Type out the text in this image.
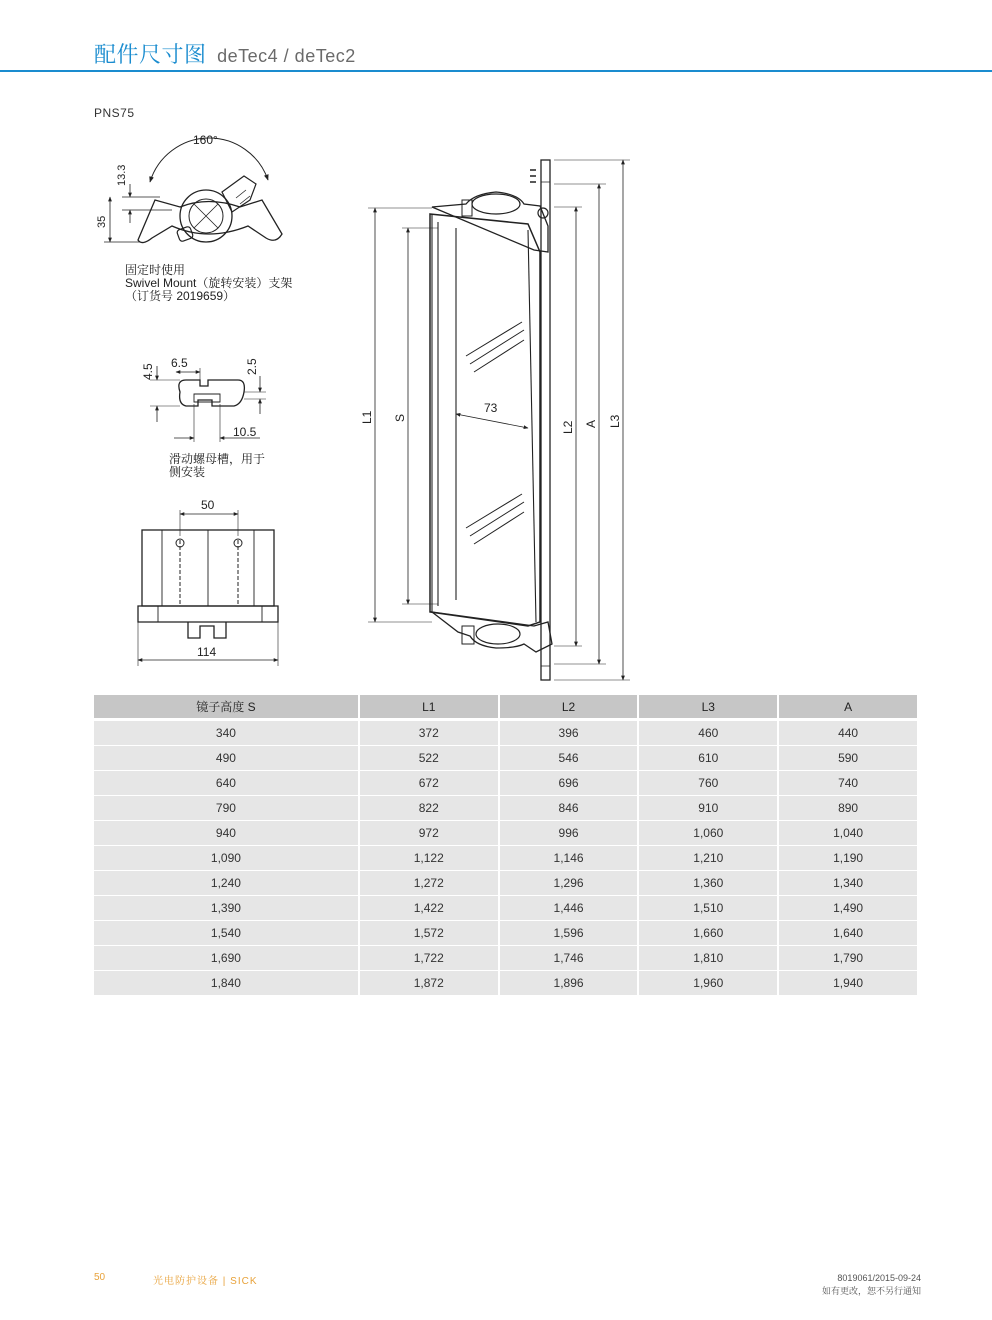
配件尺寸图 deTec4 / deTec2
PNS75
160°
13.3
35
6.5
4.5	2.5
10.5
50
114
73
L1 S
L2 A L3
固定时使用
Swivel Mount（旋转安装）支架
（订货号 2019659）
滑动螺母槽，用于
侧安装
镜子高度 S	L1	L2	L3	A
340	372	396	460	440
490	522	546	610	590
640	672	696	760	740
790	822	846	910	890
940	972	996	1,060	1,040
1,090	1,122	1,146	1,210	1,190
1,240	1,272	1,296	1,360	1,340
1,390	1,422	1,446	1,510	1,490
1,540	1,572	1,596	1,660	1,640
1,690	1,722	1,746	1,810	1,790
1,840	1,872	1,896	1,960	1,940
50	光电防护设备 | SICK	8019061/2015-09-24
如有更改，恕不另行通知
